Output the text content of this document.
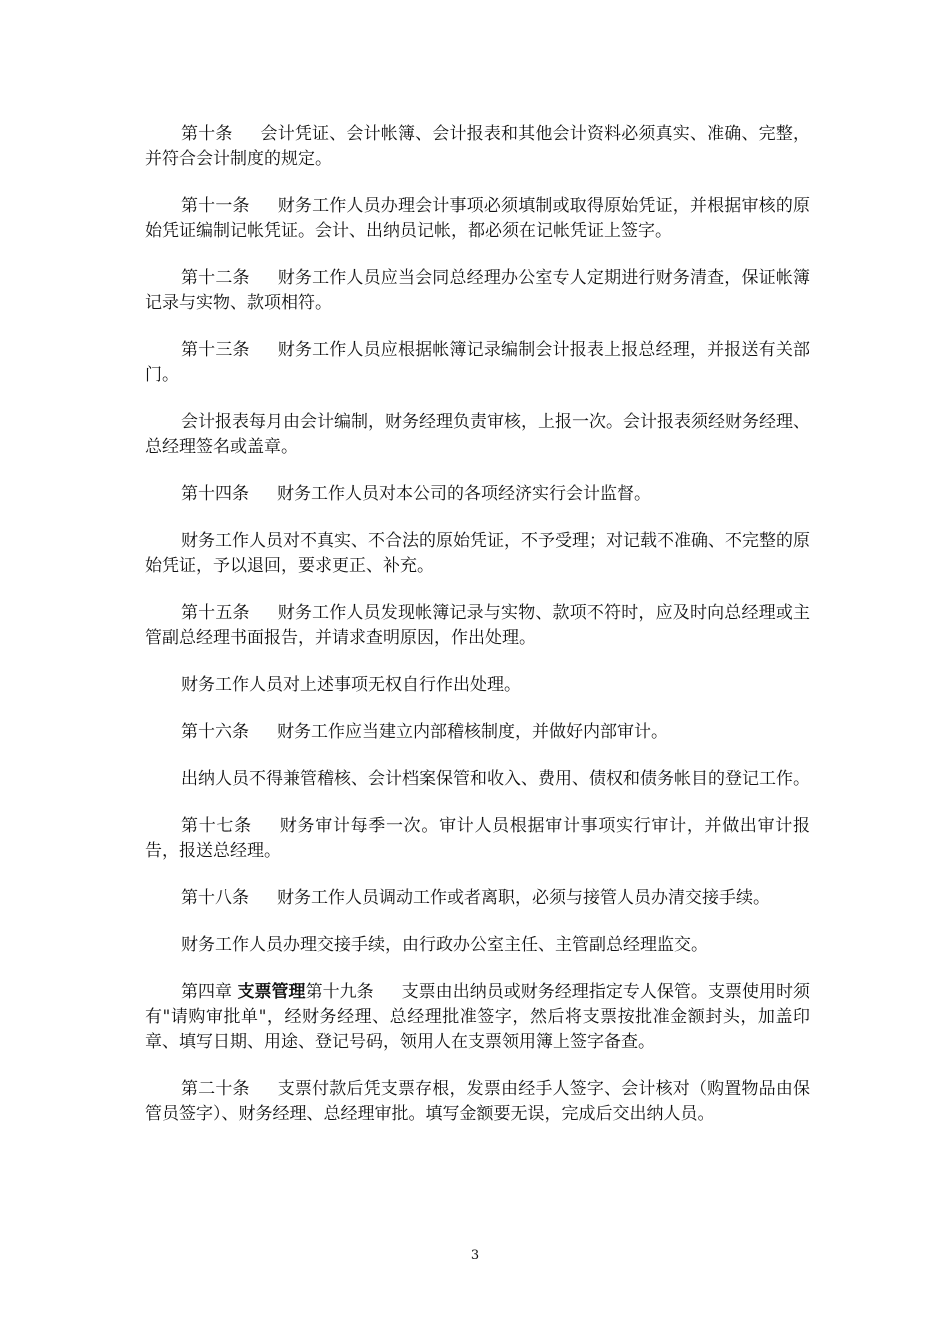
第十条 会计凭证、会计帐簿、会计报表和其他会计资料必须真实、准确、完整，并符合会计制度的规定。

第十一条 财务工作人员办理会计事项必须填制或取得原始凭证，并根据审核的原始凭证编制记帐凭证。会计、出纳员记帐，都必须在记帐凭证上签字。

第十二条 财务工作人员应当会同总经理办公室专人定期进行财务清查，保证帐簿记录与实物、款项相符。

第十三条 财务工作人员应根据帐簿记录编制会计报表上报总经理，并报送有关部门。

会计报表每月由会计编制，财务经理负责审核，上报一次。会计报表须经财务经理、总经理签名或盖章。

第十四条 财务工作人员对本公司的各项经济实行会计监督。

财务工作人员对不真实、不合法的原始凭证，不予受理；对记载不准确、不完整的原始凭证，予以退回，要求更正、补充。

第十五条 财务工作人员发现帐簿记录与实物、款项不符时，应及时向总经理或主管副总经理书面报告，并请求查明原因，作出处理。

财务工作人员对上述事项无权自行作出处理。

第十六条 财务工作应当建立内部稽核制度，并做好内部审计。

出纳人员不得兼管稽核、会计档案保管和收入、费用、债权和债务帐目的登记工作。

第十七条 财务审计每季一次。审计人员根据审计事项实行审计，并做出审计报告，报送总经理。

第十八条 财务工作人员调动工作或者离职，必须与接管人员办清交接手续。

财务工作人员办理交接手续，由行政办公室主任、主管副总经理监交。

第四章 支票管理第十九条 支票由出纳员或财务经理指定专人保管。支票使用时须有"请购审批单"，经财务经理、总经理批准签字，然后将支票按批准金额封头，加盖印章、填写日期、用途、登记号码，领用人在支票领用簿上签字备查。

第二十条 支票付款后凭支票存根，发票由经手人签字、会计核对（购置物品由保管员签字）、财务经理、总经理审批。填写金额要无误，完成后交出纳人员。

3
